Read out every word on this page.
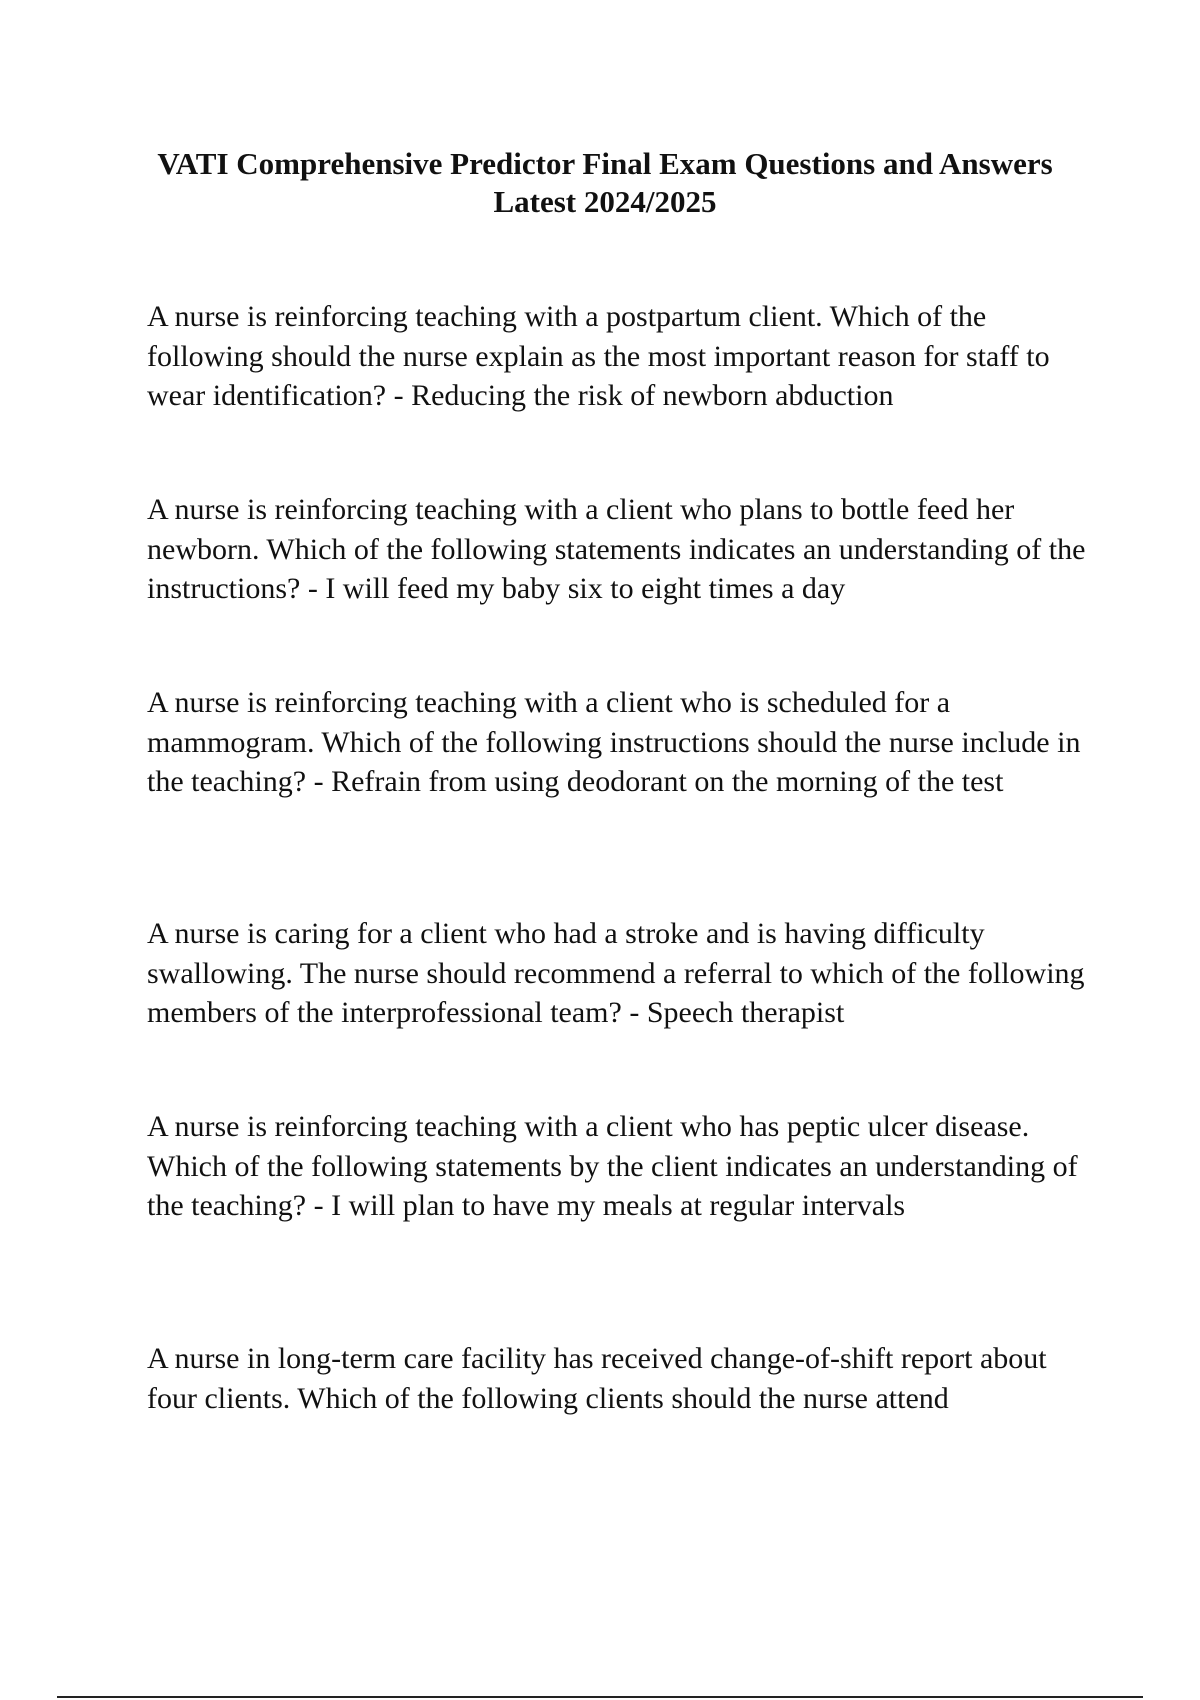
VATI Comprehensive Predictor Final Exam Questions and Answers Latest 2024/2025

A nurse is reinforcing teaching with a postpartum client. Which of the following should the nurse explain as the most important reason for staff to wear identification? - Reducing the risk of newborn abduction

A nurse is reinforcing teaching with a client who plans to bottle feed her newborn. Which of the following statements indicates an understanding of the instructions? - I will feed my baby six to eight times a day

A nurse is reinforcing teaching with a client who is scheduled for a mammogram. Which of the following instructions should the nurse include in the teaching? - Refrain from using deodorant on the morning of the test

A nurse is caring for a client who had a stroke and is having difficulty swallowing. The nurse should recommend a referral to which of the following members of the interprofessional team? - Speech therapist

A nurse is reinforcing teaching with a client who has peptic ulcer disease. Which of the following statements by the client indicates an understanding of the teaching? - I will plan to have my meals at regular intervals

A nurse in long-term care facility has received change-of-shift report about four clients. Which of the following clients should the nurse attend
